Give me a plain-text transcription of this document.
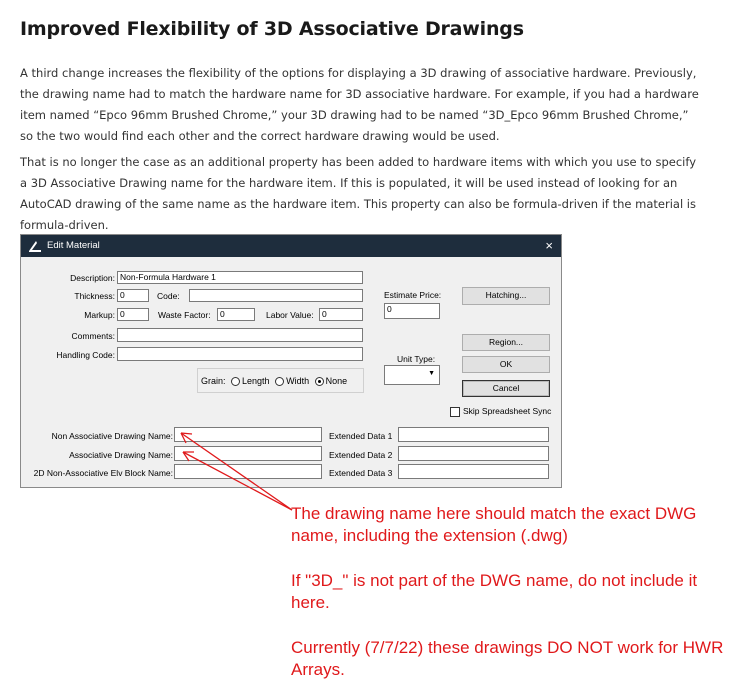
Improved Flexibility of 3D Associative Drawings
A third change increases the flexibility of the options for displaying a 3D drawing of associative hardware. Previously, the drawing name had to match the hardware name for 3D associative hardware. For example, if you had a hardware item named “Epco 96mm Brushed Chrome,” your 3D drawing had to be named “3D_Epco 96mm Brushed Chrome,” so the two would find each other and the correct hardware drawing would be used.
That is no longer the case as an additional property has been added to hardware items with which you use to specify a 3D Associative Drawing name for the hardware item. If this is populated, it will be used instead of looking for an AutoCAD drawing of the same name as the hardware item. This property can also be formula-driven if the material is formula-driven.
Edit Material	×
Description: Non-Formula Hardware 1
Thickness: 0	Code:
Markup: 0	Waste Factor:	0	Labor Value: 0
Comments:
Handling Code:
Grain: Length Width None
Estimate Price:
0
Unit Type:
▼
Hatching...
Region...
OK
Cancel
Skip Spreadsheet Sync
Non Associative Drawing Name:	Extended Data 1
Associative Drawing Name:	Extended Data 2
2D Non-Associative Elv Block Name:	Extended Data 3
The drawing name here should match the exact DWG name, including the extension (.dwg)
If "3D_" is not part of the DWG name, do not include it here.
Currently (7/7/22) these drawings DO NOT work for HWR Arrays.
